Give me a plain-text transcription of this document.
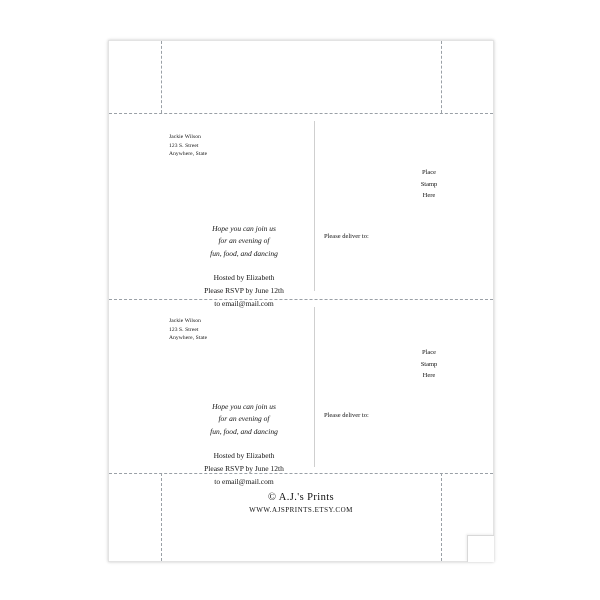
Jackie Wilson
123 S. Street
Anywhere, State
Place
Stamp
Here
Hope you can join us
for an evening of
fun, food, and dancing
Please deliver to:
Hosted by Elizabeth
Please RSVP by June 12th
to email@mail.com
Jackie Wilson
123 S. Street
Anywhere, State
Place
Stamp
Here
Hope you can join us
for an evening of
fun, food, and dancing
Please deliver to:
Hosted by Elizabeth
Please RSVP by June 12th
to email@mail.com
© A.J.'s Prints
WWW.AJSPRINTS.ETSY.COM
